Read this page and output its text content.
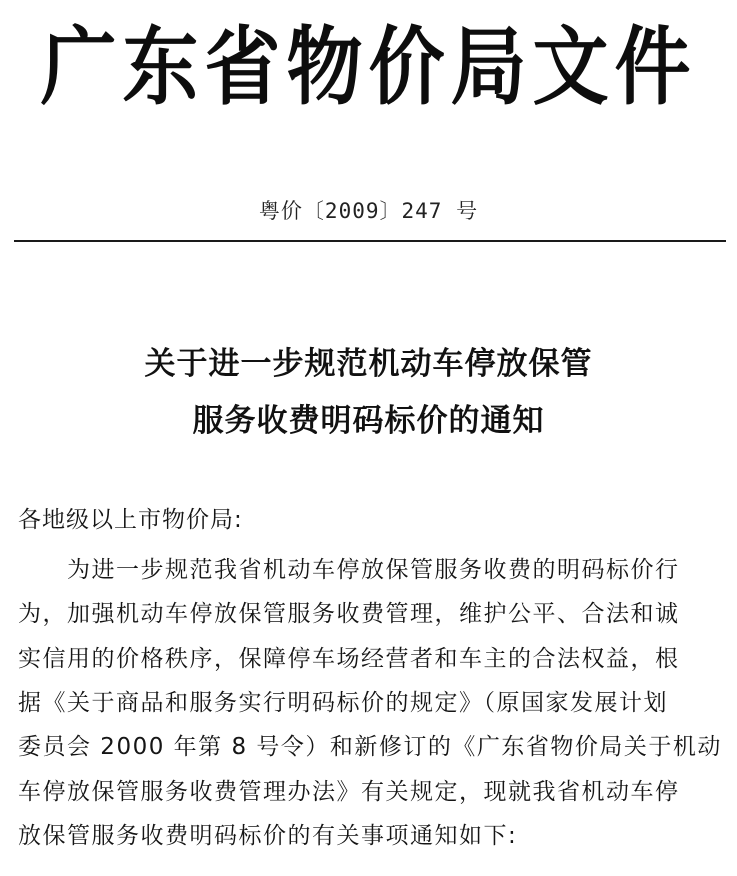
广东省物价局文件
粤价〔2009〕247 号
关于进一步规范机动车停放保管
服务收费明码标价的通知
各地级以上市物价局:
为进一步规范我省机动车停放保管服务收费的明码标价行
为，加强机动车停放保管服务收费管理，维护公平、合法和诚
实信用的价格秩序，保障停车场经营者和车主的合法权益，根
据《关于商品和服务实行明码标价的规定》（原国家发展计划
委员会 2000 年第 8 号令）和新修订的《广东省物价局关于机动
车停放保管服务收费管理办法》有关规定，现就我省机动车停
放保管服务收费明码标价的有关事项通知如下:
